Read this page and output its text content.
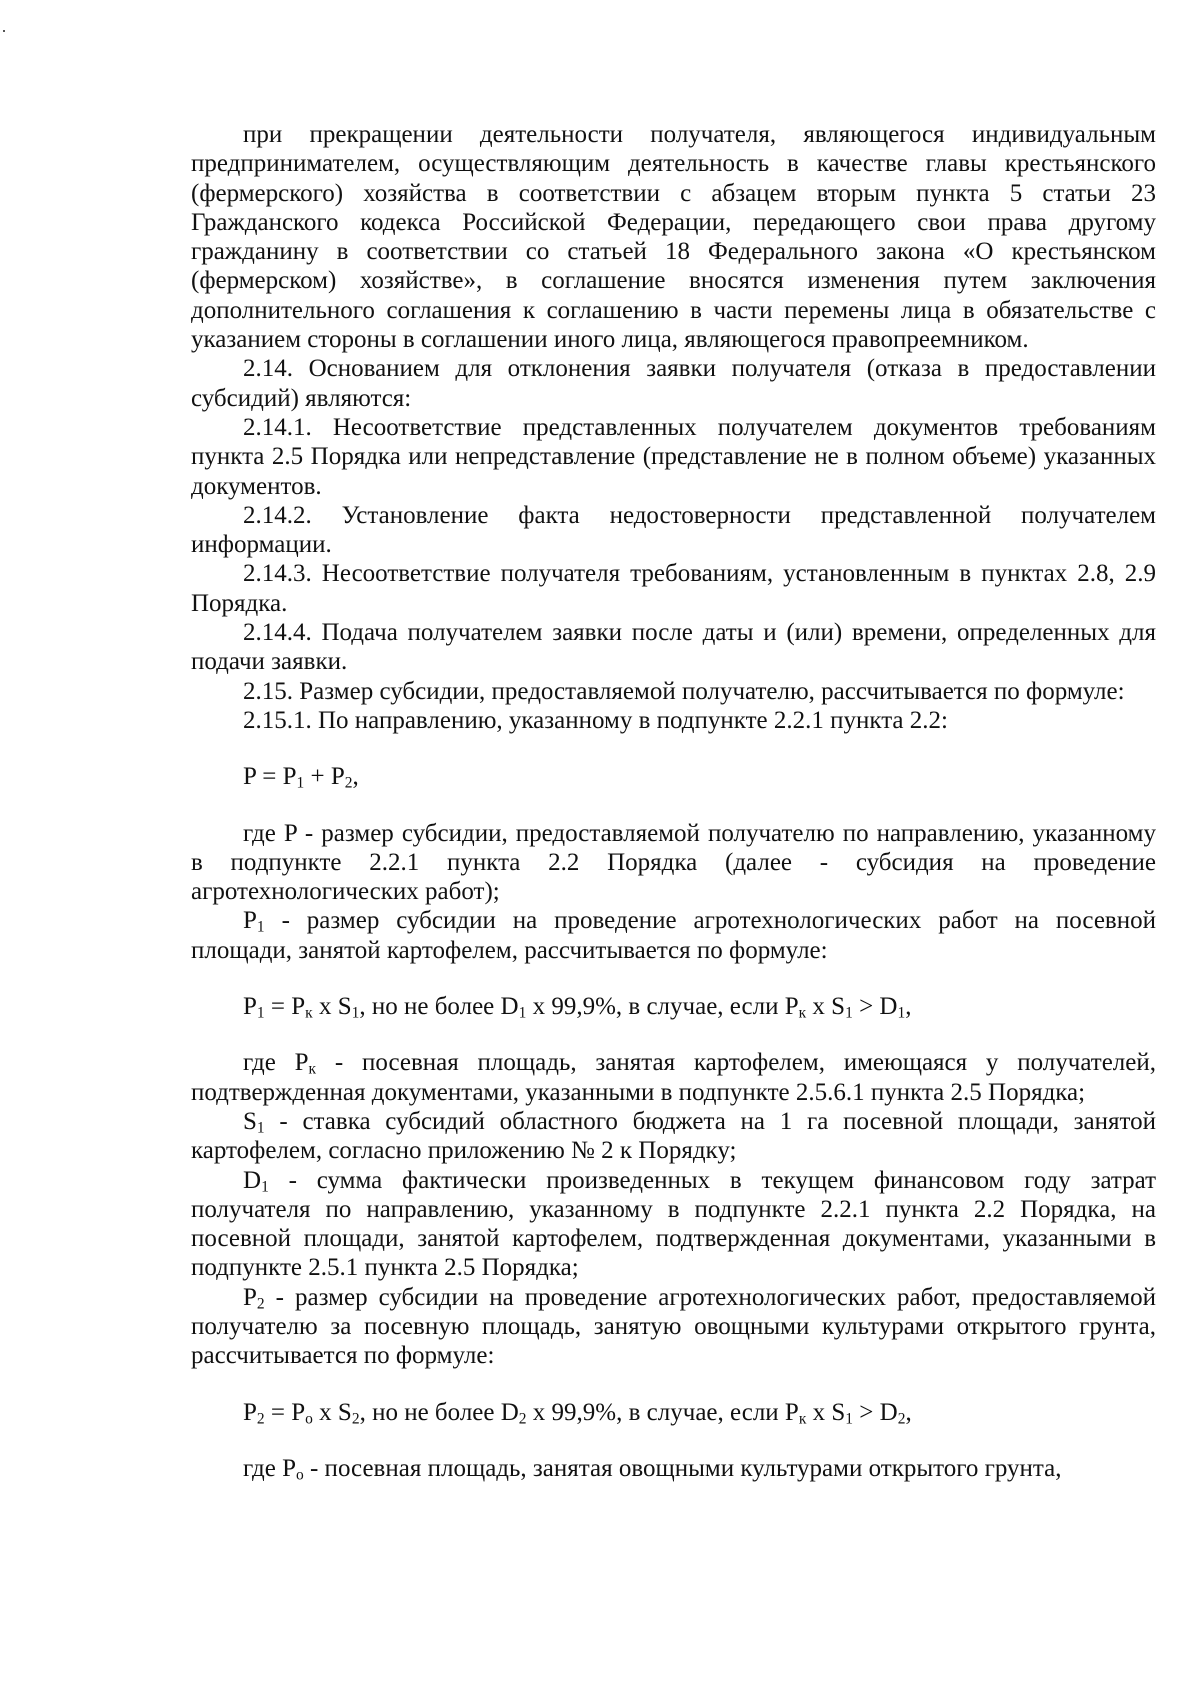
при прекращении деятельности получателя, являющегося индивидуальным предпринимателем, осуществляющим деятельность в качестве главы крестьянского (фермерского) хозяйства в соответствии с абзацем вторым пункта 5 статьи 23 Гражданского кодекса Российской Федерации, передающего свои права другому гражданину в соответствии со статьей 18 Федерального закона «О крестьянском (фермерском) хозяйстве», в соглашение вносятся изменения путем заключения дополнительного соглашения к соглашению в части перемены лица в обязательстве с указанием стороны в соглашении иного лица, являющегося правопреемником.

2.14. Основанием для отклонения заявки получателя (отказа в предоставлении субсидий) являются:

2.14.1. Несоответствие представленных получателем документов требованиям пункта 2.5 Порядка или непредставление (представление не в полном объеме) указанных документов.

2.14.2. Установление факта недостоверности представленной получателем информации.

2.14.3. Несоответствие получателя требованиям, установленным в пунктах 2.8, 2.9 Порядка.

2.14.4. Подача получателем заявки после даты и (или) времени, определенных для подачи заявки.

2.15. Размер субсидии, предоставляемой получателю, рассчитывается по формуле:

2.15.1. По направлению, указанному в подпункте 2.2.1 пункта 2.2:

$P = P_1 + P_2$,

где P - размер субсидии, предоставляемой получателю по направлению, указанному в подпункте 2.2.1 пункта 2.2 Порядка (далее - субсидия на проведение агротехнологических работ);

$P_1$ - размер субсидии на проведение агротехнологических работ на посевной площади, занятой картофелем, рассчитывается по формуле:

$P_1 = P_к$ x $S_1$, но не более $D_1$ x 99,9%, в случае, если $P_к$ x $S_1 > D_1$,

где $P_к$ - посевная площадь, занятая картофелем, имеющаяся у получателей, подтвержденная документами, указанными в подпункте 2.5.6.1 пункта 2.5 Порядка;

$S_1$ - ставка субсидий областного бюджета на 1 га посевной площади, занятой картофелем, согласно приложению № 2 к Порядку;

$D_1$ - сумма фактически произведенных в текущем финансовом году затрат получателя по направлению, указанному в подпункте 2.2.1 пункта 2.2 Порядка, на посевной площади, занятой картофелем, подтвержденная документами, указанными в подпункте 2.5.1 пункта 2.5 Порядка;

$P_2$ - размер субсидии на проведение агротехнологических работ, предоставляемой получателю за посевную площадь, занятую овощными культурами открытого грунта, рассчитывается по формуле:

$P_2 = P_o$ x $S_2$, но не более $D_2$ x 99,9%, в случае, если $P_к$ x $S_1 > D_2$,

где $P_o$ - посевная площадь, занятая овощными культурами открытого грунта,
